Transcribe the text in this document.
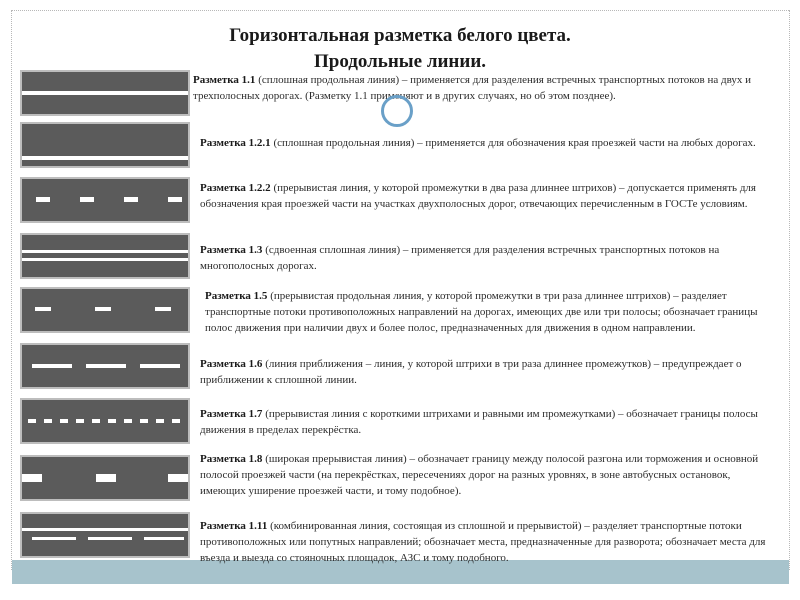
Горизонтальная разметка белого цвета.
Продольные линии.
Разметка 1.1 (сплошная продольная линия) – применяется для разделения встречных транспортных потоков на двух и трехполосных дорогах. (Разметку 1.1 применяют и в других случаях, но об этом позднее).
Разметка 1.2.1 (сплошная продольная линия) – применяется для обозначения края проезжей части на любых дорогах.
Разметка 1.2.2 (прерывистая линия, у которой промежутки в два раза длиннее штрихов) – допускается применять для обозначения края проезжей части на участках двухполосных дорог, отвечающих перечисленным в ГОСТе условиям.
Разметка 1.3 (сдвоенная сплошная линия) – применяется для разделения встречных транспортных потоков на многополосных дорогах.
Разметка 1.5 (прерывистая продольная линия, у которой промежутки в три раза длиннее штрихов) – разделяет транспортные потоки противоположных направлений на дорогах, имеющих две или три полосы; обозначает границы полос движения при наличии двух и более полос, предназначенных для движения в одном направлении.
Разметка 1.6 (линия приближения – линия, у которой штрихи в три раза длиннее промежутков) – предупреждает о приближении к сплошной линии.
Разметка 1.7 (прерывистая линия с короткими штрихами и равными им промежутками) – обозначает границы полосы движения в пределах перекрёстка.
Разметка 1.8 (широкая прерывистая линия) – обозначает границу между полосой разгона или торможения и основной полосой проезжей части (на перекрёстках, пересечениях дорог на разных уровнях, в зоне автобусных остановок, имеющих уширение проезжей части, и тому подобное).
Разметка 1.11 (комбинированная линия, состоящая из сплошной и прерывистой) – разделяет транспортные потоки противоположных или попутных направлений; обозначает места, предназначенные для разворота; обозначает места для въезда и выезда со стояночных площадок, АЗС и тому подобного.
